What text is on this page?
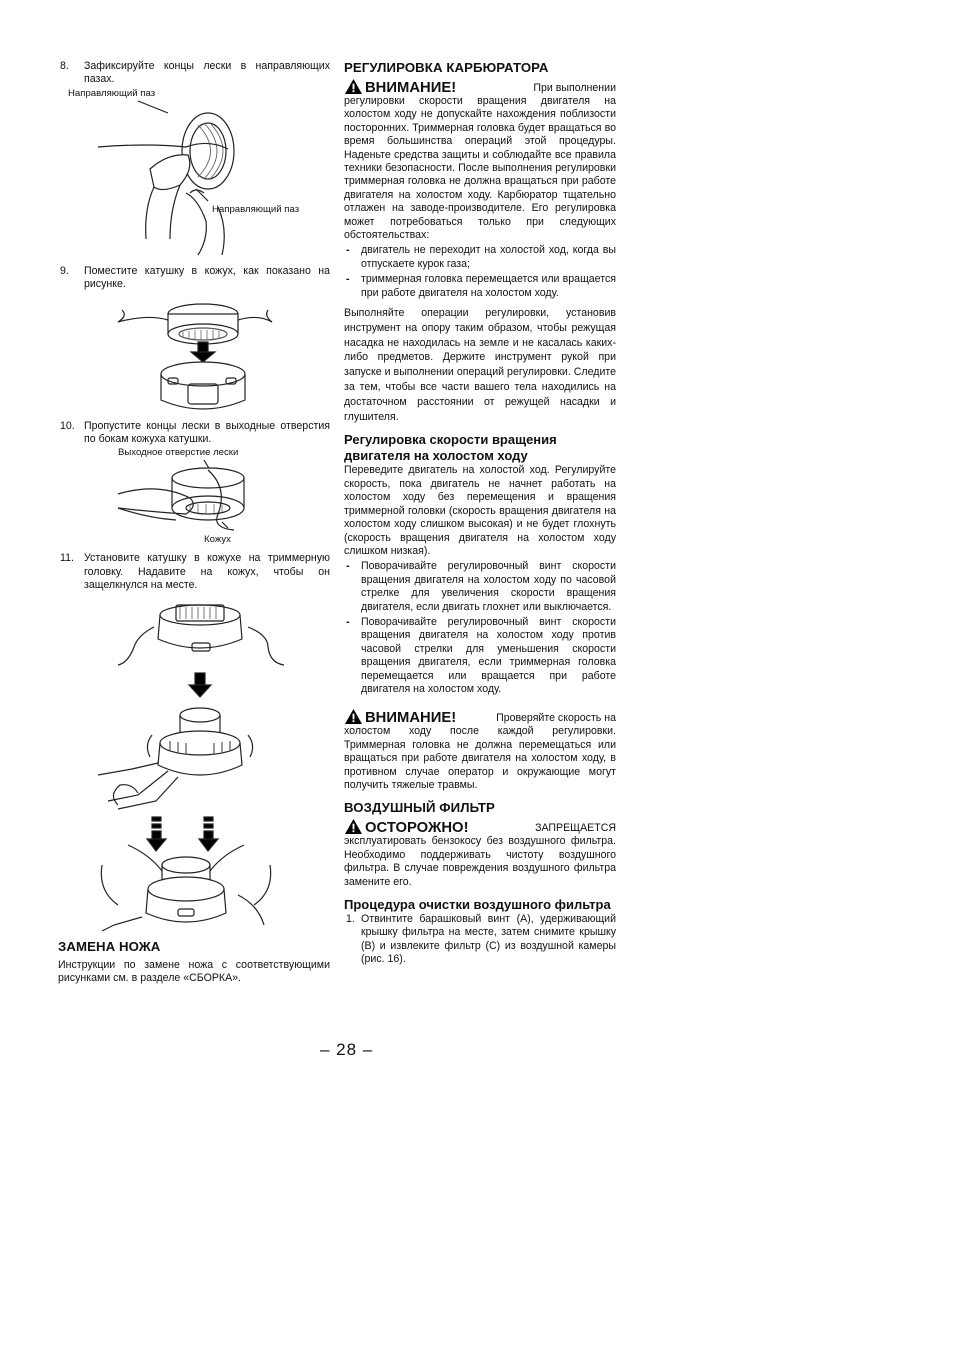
8.	Зафиксируйте концы лески в направляющих пазах.
Направляющий паз
Направляющий паз
9.	Поместите катушку в кожух, как показано на рисунке.
10. Пропустите концы лески в выходные отверстия по бокам кожуха катушки.
Выходное отверстие лески
Кожух
11. Установите катушку в кожухе на триммерную головку. Надавите на кожух, чтобы он защелкнулся на месте.
ЗАМЕНА НОЖА
Инструкции по замене ножа с соответствующими рисунками см. в разделе «СБОРКА».
РЕГУЛИРОВКА КАРБЮРАТОРА
ВНИМАНИЕ!	При выполнении
регулировки скорости вращения двигателя на холостом ходу не допускайте нахождения поблизости посторонних. Триммерная головка будет вращаться во время большинства операций этой процедуры. Наденьте средства защиты и соблюдайте все правила техники безопасности. После выполнения регулировки триммерная головка не должна вращаться при работе двигателя на холостом ходу. Карбюратор тщательно отлажен на заводе-производителе. Его регулировка может потребоваться только при следующих обстоятельствах:
-	двигатель не переходит на холостой ход, когда вы отпускаете курок газа;
-	триммерная головка перемещается или вращается при работе двигателя на холостом ходу.
Выполняйте операции регулировки, установив инструмент на опору таким образом, чтобы режущая насадка не находилась на земле и не касалась каких-либо предметов. Держите инструмент рукой при запуске и выполнении операций регулировки. Следите за тем, чтобы все части вашего тела находились на достаточном расстоянии от режущей насадки и глушителя.
Регулировка скорости вращения двигателя на холостом ходу
Переведите двигатель на холостой ход. Регулируйте скорость, пока двигатель не начнет работать на холостом ходу без перемещения и вращения триммерной головки (скорость вращения двигателя на холостом ходу слишком высокая) и не будет глохнуть (скорость вращения двигателя на холостом ходу слишком низкая).
-	Поворачивайте регулировочный винт скорости вращения двигателя на холостом ходу по часовой стрелке для увеличения скорости вращения двигателя, если двигать глохнет или выключается.
-	Поворачивайте регулировочный винт скорости вращения двигателя на холостом ходу против часовой стрелки для уменьшения скорости вращения двигателя, если триммерная головка перемещается или вращается при работе двигателя на холостом ходу.
ВНИМАНИЕ!	Проверяйте скорость на
холостом ходу после каждой регулировки. Триммерная головка не должна перемещаться или вращаться при работе двигателя на холостом ходу, в противном случае оператор и окружающие могут получить тяжелые травмы.
ВОЗДУШНЫЙ ФИЛЬТР
ОСТОРОЖНО!	ЗАПРЕЩАЕТСЯ
эксплуатировать бензокосу без воздушного фильтра. Необходимо поддерживать чистоту воздушного фильтра. В случае повреждения воздушного фильтра замените его.
Процедура очистки воздушного фильтра
1. Отвинтите барашковый винт (A), удерживающий крышку фильтра на месте, затем снимите крышку (B) и извлеките фильтр (C) из воздушной камеры (рис. 16).
– 28 –
